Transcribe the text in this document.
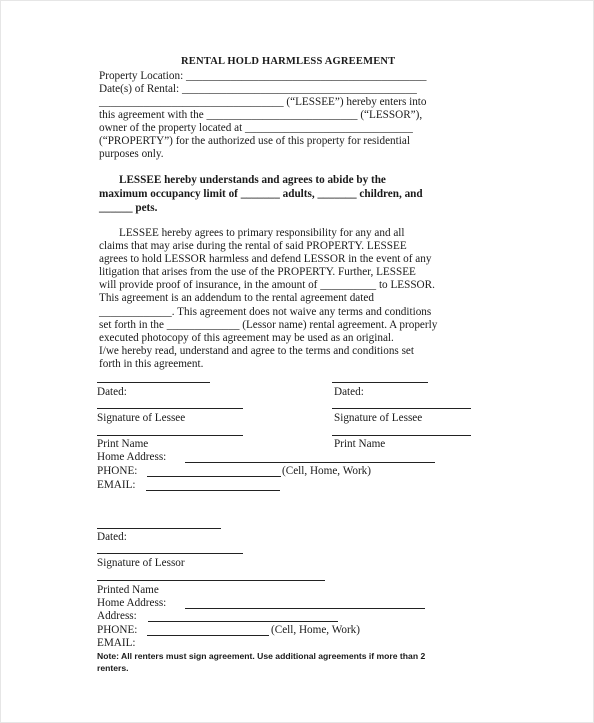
RENTAL HOLD HARMLESS AGREEMENT
Property Location: ___________________________________________
Date(s) of Rental: __________________________________________
_________________________________ (“LESSEE”) hereby enters into
this agreement with the ___________________________ (“LESSOR”),
owner of the property located at ______________________________
(“PROPERTY”) for the authorized use of this property for residential
purposes only.
LESSEE hereby understands and agrees to abide by the
maximum occupancy limit of _______ adults, _______ children, and
______ pets.
LESSEE hereby agrees to primary responsibility for any and all
claims that may arise during the rental of said PROPERTY. LESSEE
agrees to hold LESSOR harmless and defend LESSOR in the event of any
litigation that arises from the use of the PROPERTY. Further, LESSEE
will provide proof of insurance, in the amount of __________ to LESSOR.
This agreement is an addendum to the rental agreement dated
_____________. This agreement does not waive any terms and conditions
set forth in the _____________ (Lessor name) rental agreement. A properly
executed photocopy of this agreement may be used as an original.
I/we hereby read, understand and agree to the terms and conditions set
forth in this agreement.
Dated:	Dated:
Signature of Lessee	Signature of Lessee
Print Name	Print Name
Home Address:
PHONE:	(Cell, Home, Work)
EMAIL:
Dated:
Signature of Lessor
Printed Name
Home Address:
Address:
PHONE:	(Cell, Home, Work)
EMAIL:
Note: All renters must sign agreement. Use additional agreements if more than 2
renters.
